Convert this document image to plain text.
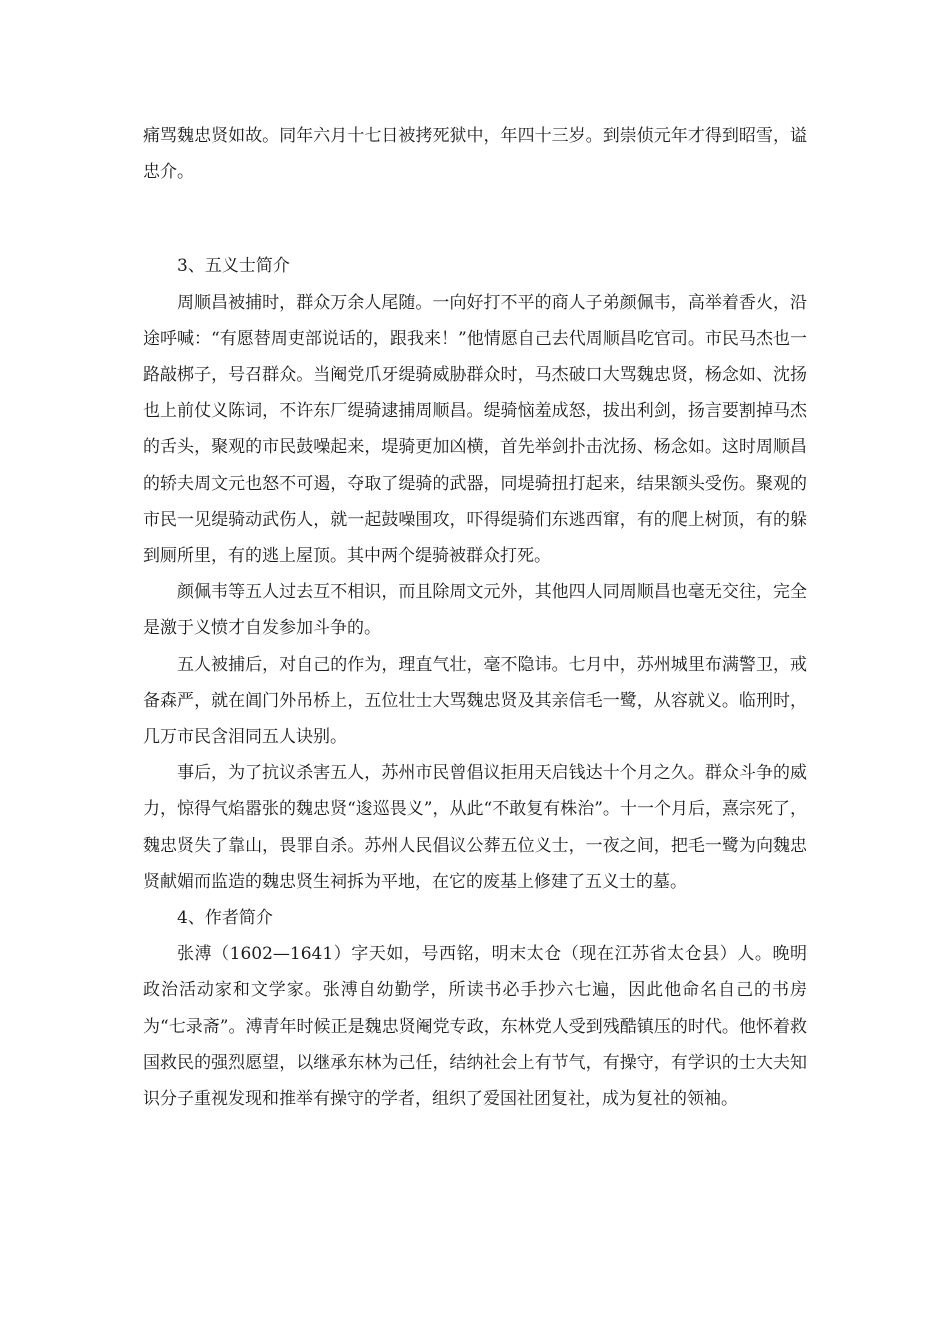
痛骂魏忠贤如故。同年六月十七日被拷死狱中，年四十三岁。到崇侦元年才得到昭雪，谥忠介。

3、五义士简介

周顺昌被捕时，群众万余人尾随。一向好打不平的商人子弟颜佩韦，高举着香火，沿途呼喊：“有愿替周吏部说话的，跟我来！”他情愿自己去代周顺昌吃官司。市民马杰也一路敲梆子，号召群众。当阉党爪牙缇骑威胁群众时，马杰破口大骂魏忠贤，杨念如、沈扬也上前仗义陈词，不许东厂缇骑逮捕周顺昌。缇骑恼羞成怒，拔出利剑，扬言要割掉马杰的舌头，聚观的市民鼓噪起来，堤骑更加凶横，首先举剑扑击沈扬、杨念如。这时周顺昌的轿夫周文元也怒不可遏，夺取了缇骑的武器，同堤骑扭打起来，结果额头受伤。聚观的市民一见缇骑动武伤人，就一起鼓噪围攻，吓得缇骑们东逃西窜，有的爬上树顶，有的躲到厕所里，有的逃上屋顶。其中两个缇骑被群众打死。

颜佩韦等五人过去互不相识，而且除周文元外，其他四人同周顺昌也毫无交往，完全是激于义愤才自发参加斗争的。

五人被捕后，对自己的作为，理直气壮，毫不隐讳。七月中，苏州城里布满警卫，戒备森严，就在阊门外吊桥上，五位壮士大骂魏忠贤及其亲信毛一鹭，从容就义。临刑时，几万市民含泪同五人诀别。

事后，为了抗议杀害五人，苏州市民曾倡议拒用天启钱达十个月之久。群众斗争的威力，惊得气焰嚣张的魏忠贤“逡巡畏义”，从此“不敢复有株治”。十一个月后，熹宗死了，魏忠贤失了靠山，畏罪自杀。苏州人民倡议公葬五位义士，一夜之间，把毛一鹭为向魏忠贤献媚而监造的魏忠贤生祠拆为平地，在它的废基上修建了五义士的墓。

4、作者简介

张溥（1602—1641）字天如，号西铭，明末太仓（现在江苏省太仓县）人。晚明政治活动家和文学家。张溥自幼勤学，所读书必手抄六七遍，因此他命名自己的书房为“七录斋”。溥青年时候正是魏忠贤阉党专政，东林党人受到残酷镇压的时代。他怀着救国救民的强烈愿望，以继承东林为己任，结纳社会上有节气，有操守，有学识的士大夫知识分子重视发现和推举有操守的学者，组织了爱国社团复社，成为复社的领袖。
